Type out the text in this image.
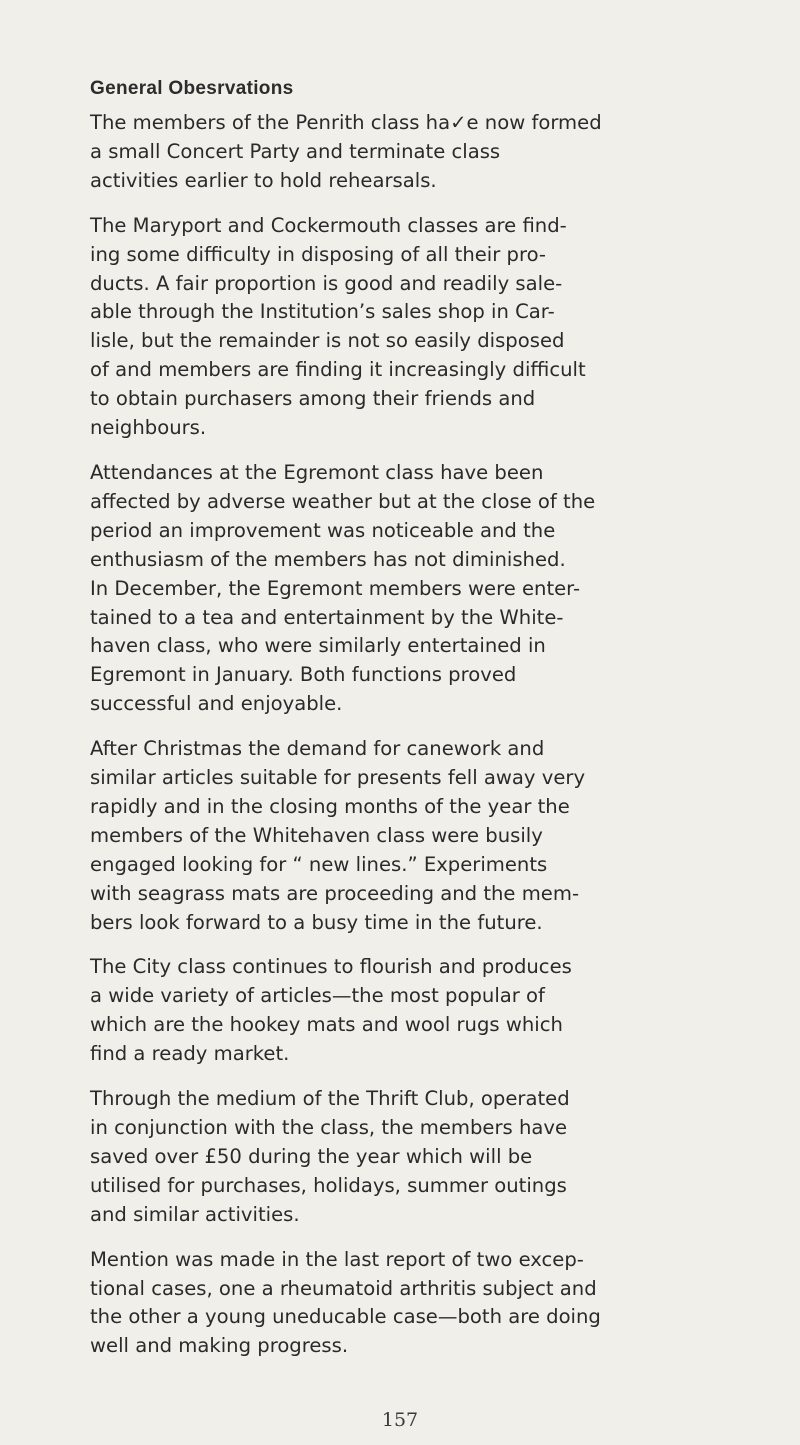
General Obesrvations

The members of the Penrith class ha✓e now formed
a small Concert Party and terminate class
activities earlier to hold rehearsals.

The Maryport and Cockermouth classes are find-
ing some difficulty in disposing of all their pro-
ducts. A fair proportion is good and readily sale-
able through the Institution’s sales shop in Car-
lisle, but the remainder is not so easily disposed
of and members are finding it increasingly difficult
to obtain purchasers among their friends and
neighbours.

Attendances at the Egremont class have been
affected by adverse weather but at the close of the
period an improvement was noticeable and the
enthusiasm of the members has not diminished.
In December, the Egremont members were enter-
tained to a tea and entertainment by the White-
haven class, who were similarly entertained in
Egremont in January. Both functions proved
successful and enjoyable.

After Christmas the demand for canework and
similar articles suitable for presents fell away very
rapidly and in the closing months of the year the
members of the Whitehaven class were busily
engaged looking for “ new lines.” Experiments
with seagrass mats are proceeding and the mem-
bers look forward to a busy time in the future.

The City class continues to flourish and produces
a wide variety of articles—the most popular of
which are the hookey mats and wool rugs which
find a ready market.

Through the medium of the Thrift Club, operated
in conjunction with the class, the members have
saved over £50 during the year which will be
utilised for purchases, holidays, summer outings
and similar activities.

Mention was made in the last report of two excep-
tional cases, one a rheumatoid arthritis subject and
the other a young uneducable case—both are doing
well and making progress.

157
